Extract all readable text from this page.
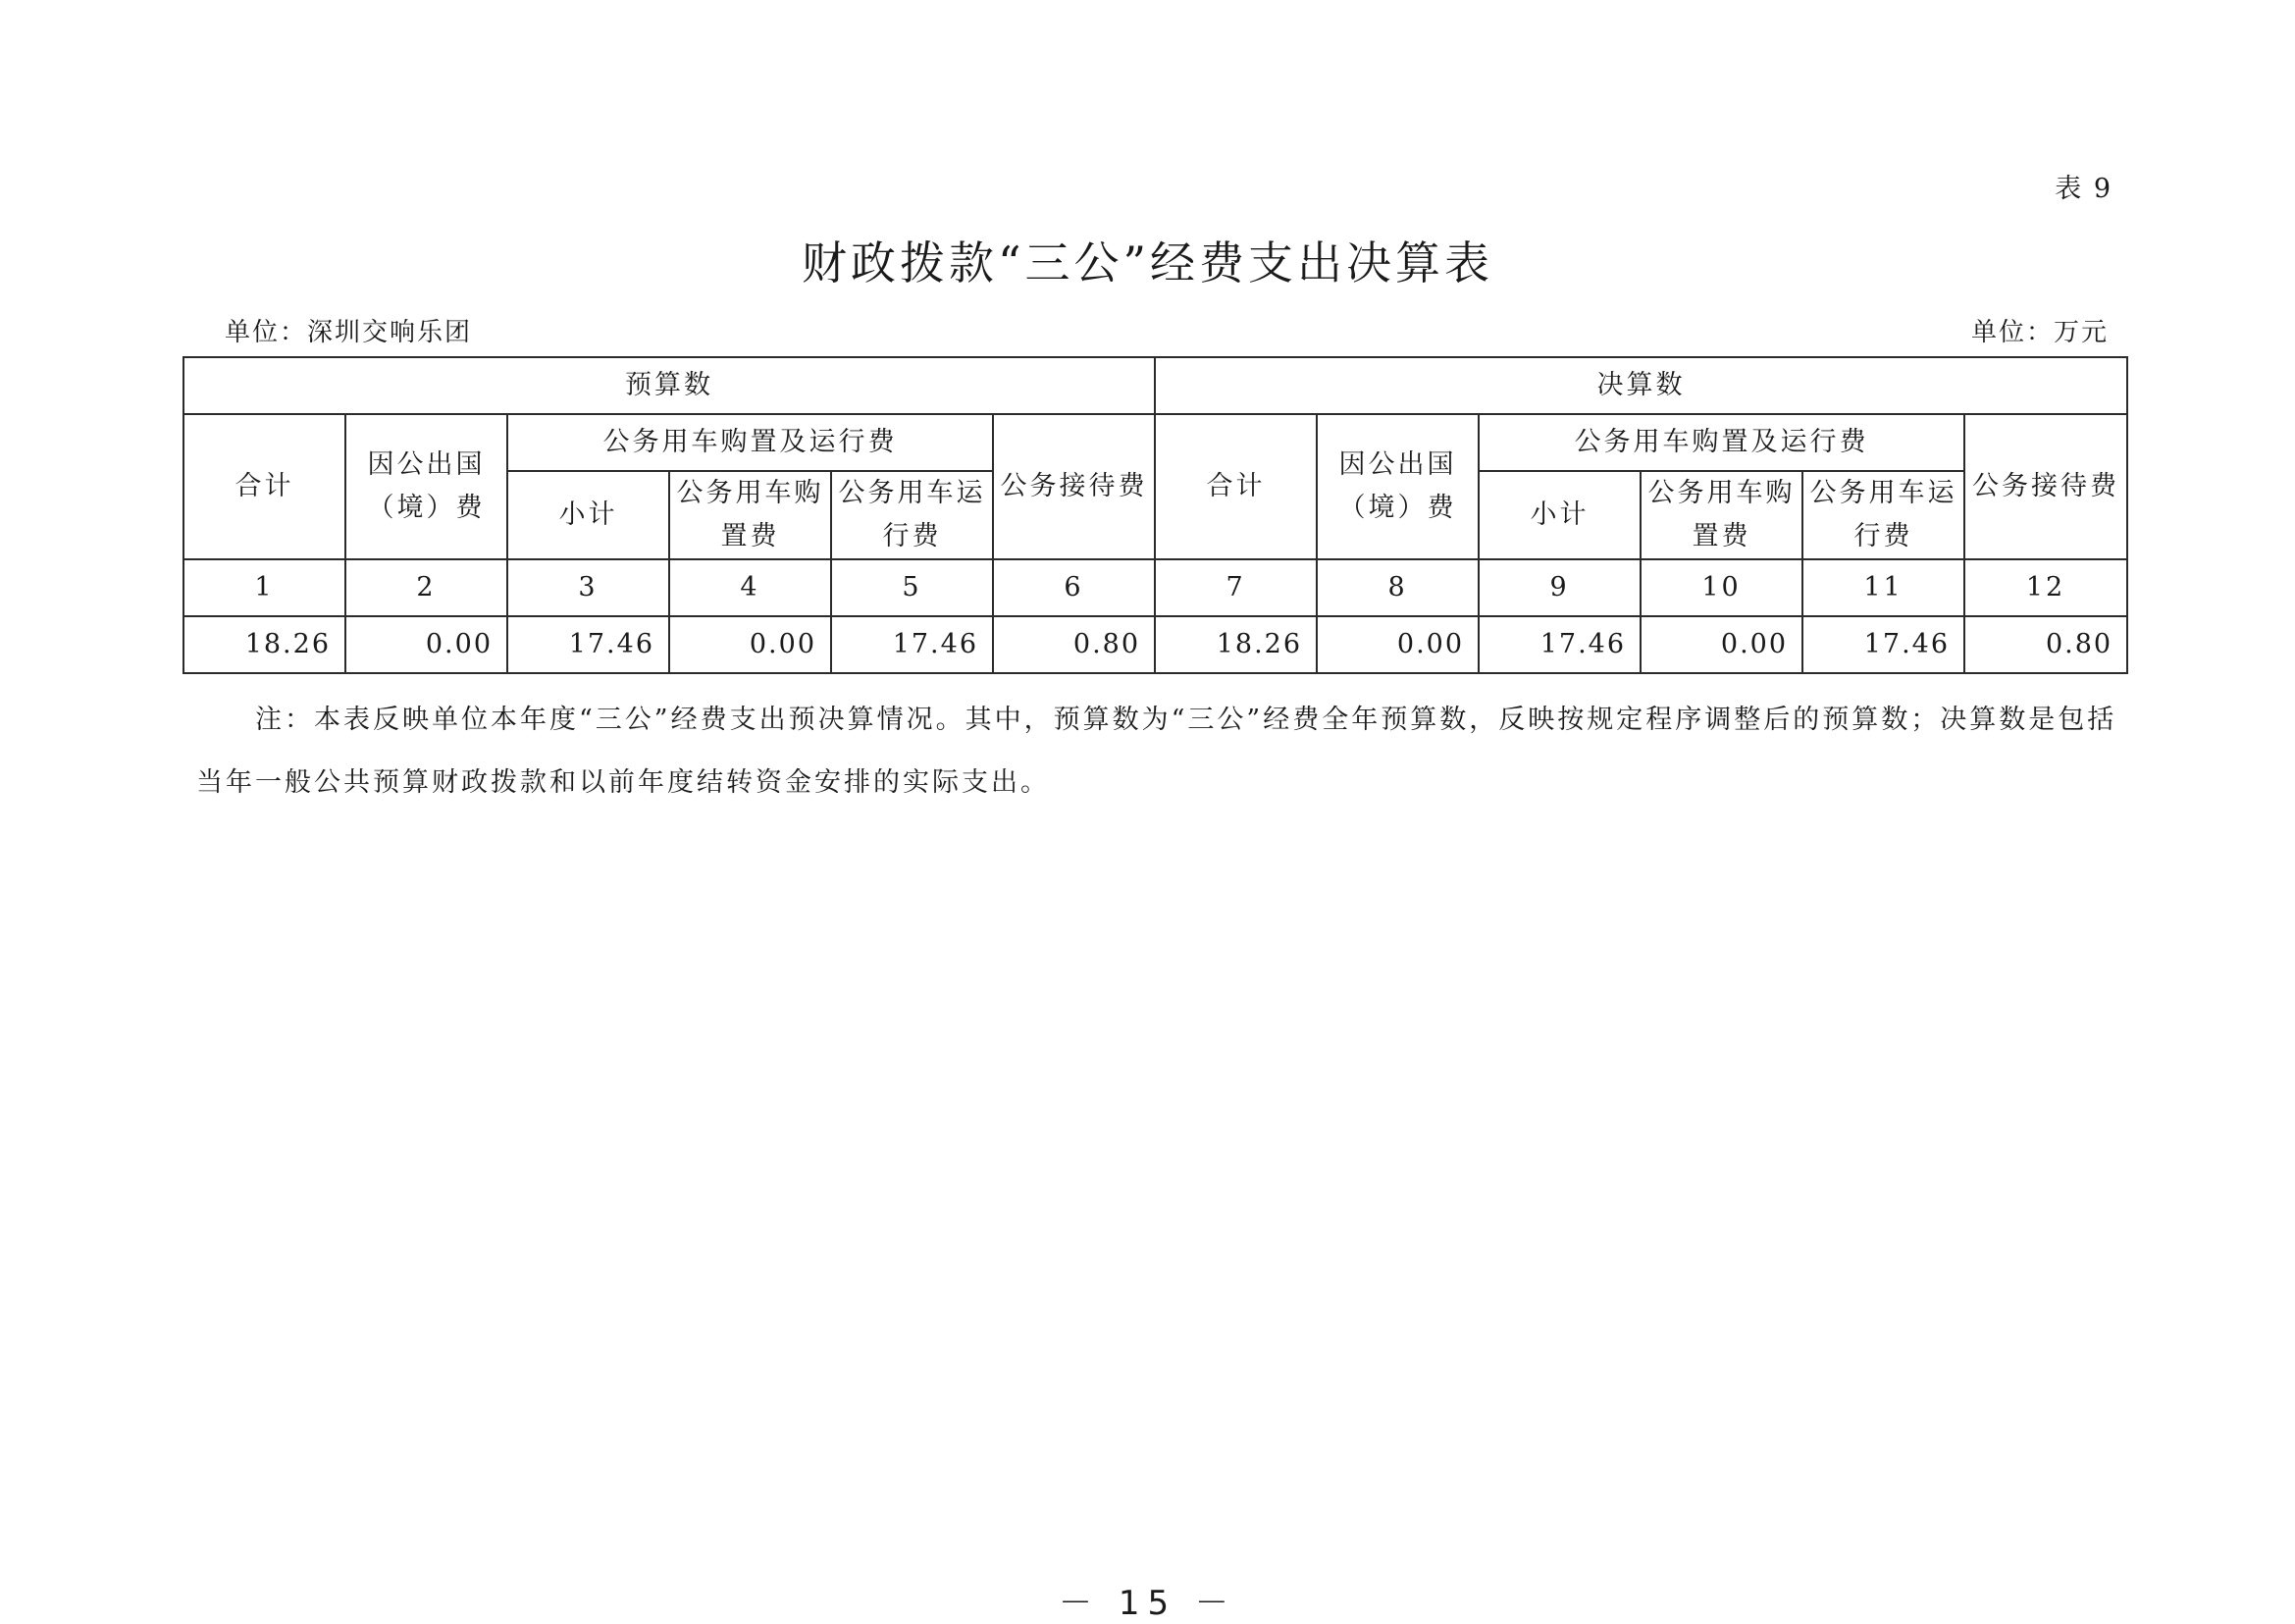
表 9
财政拨款“三公”经费支出决算表
单位：深圳交响乐团	单位：万元
预算数						决算数					
合计	因公出国（境）费	公务用车购置及运行费			公务接待费	合计	因公出国（境）费	公务用车购置及运行费			公务接待费
		小计	公务用车购置费	公务用车运行费				小计	公务用车购置费	公务用车运行费	
1	2	3	4	5	6	7	8	9	10	11	12
18.26	0.00	17.46	0.00	17.46	0.80	18.26	0.00	17.46	0.00	17.46	0.80
注：本表反映单位本年度“三公”经费支出预决算情况。其中，预算数为“三公”经费全年预算数，反映按规定程序调整后的预算数；决算数是包括当年一般公共预算财政拨款和以前年度结转资金安排的实际支出。
－ 15 －
